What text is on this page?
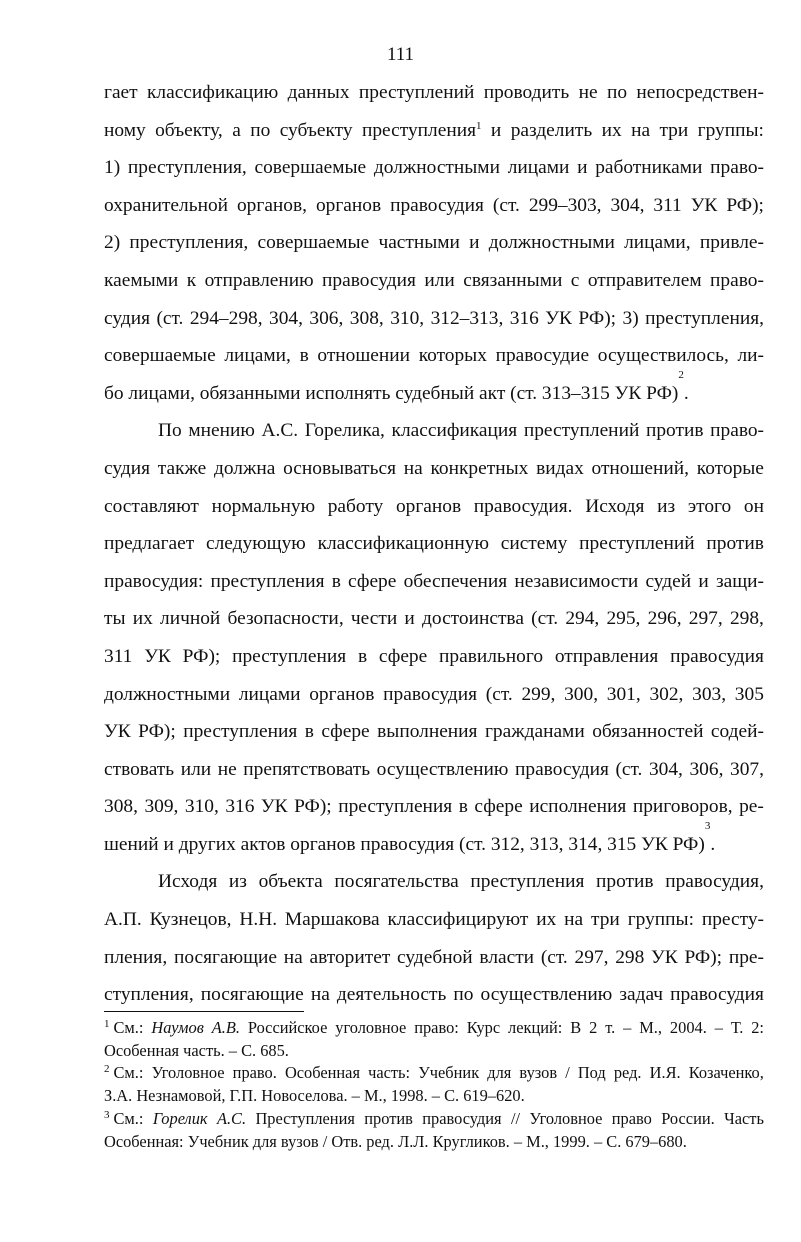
111
гает классификацию данных преступлений проводить не по непосредствен-
ному объекту, а по субъекту преступления$^1$ и разделить их на три группы:
1) преступления, совершаемые должностными лицами и работниками право-
охранительной органов, органов правосудия (ст. 299–303, 304, 311 УК РФ);
2) преступления, совершаемые частными и должностными лицами, привле-
каемыми к отправлению правосудия или связанными с отправителем право-
судия (ст. 294–298, 304, 306, 308, 310, 312–313, 316 УК РФ); 3) преступления,
совершаемые лицами, в отношении которых правосудие осуществилось, ли-
бо лицами, обязанными исполнять судебный акт (ст. 313–315 УК РФ)
2
.
По мнению А.С. Горелика, классификация преступлений против право-
судия также должна основываться на конкретных видах отношений, которые
составляют нормальную работу органов правосудия. Исходя из этого он
предлагает следующую классификационную систему преступлений против
правосудия: преступления в сфере обеспечения независимости судей и защи-
ты их личной безопасности, чести и достоинства (ст. 294, 295, 296, 297, 298,
311 УК РФ); преступления в сфере правильного отправления правосудия
должностными лицами органов правосудия (ст. 299, 300, 301, 302, 303, 305
УК РФ); преступления в сфере выполнения гражданами обязанностей содей-
ствовать или не препятствовать осуществлению правосудия (ст. 304, 306, 307,
308, 309, 310, 316 УК РФ); преступления в сфере исполнения приговоров, ре-
шений и других актов органов правосудия (ст. 312, 313, 314, 315 УК РФ)
3
.
Исходя из объекта посягательства преступления против правосудия,
А.П. Кузнецов, Н.Н. Маршакова классифицируют их на три группы: престу-
пления, посягающие на авторитет судебной власти (ст. 297, 298 УК РФ); пре-
ступления, посягающие на деятельность по осуществлению задач правосудия
$^1$ См.: Наумов А.В. Российское уголовное право: Курс лекций: В 2 т. – М., 2004. – Т. 2:
Особенная часть. – С. 685.
$^2$ См.: Уголовное право. Особенная часть: Учебник для вузов / Под ред. И.Я. Козаченко,
З.А. Незнамовой, Г.П. Новоселова. – М., 1998. – С. 619–620.
$^3$ См.: Горелик А.С. Преступления против правосудия // Уголовное право России. Часть
Особенная: Учебник для вузов / Отв. ред. Л.Л. Кругликов. – М., 1999. – С. 679–680.
